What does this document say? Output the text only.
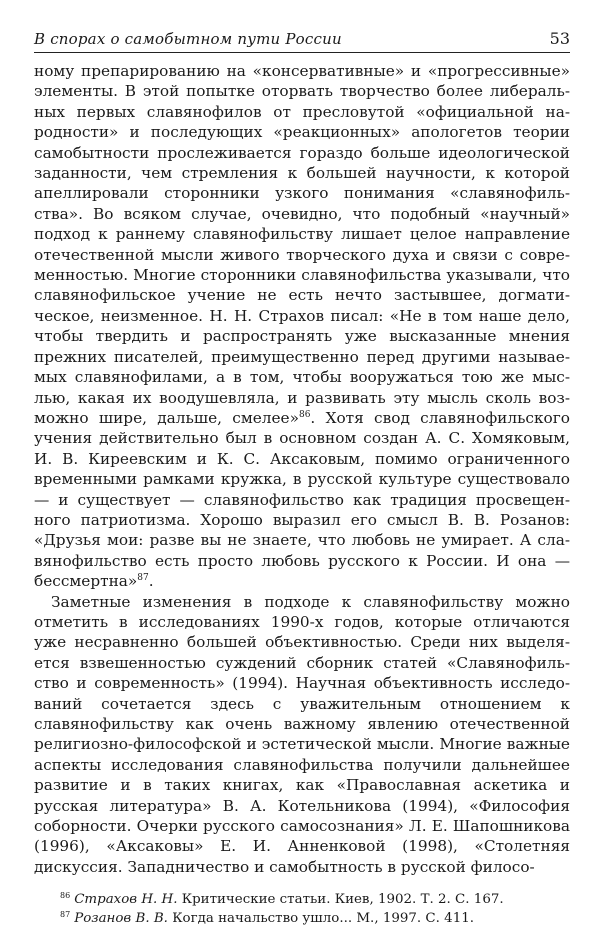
В спорах о самобытном пути России	53

ному препарированию на «консервативные» и «прогрессивные» элементы. В этой попытке оторвать творчество более либеральных первых славянофилов от пресловутой «официальной народности» и последующих «реакционных» апологетов теории самобытности прослеживается гораздо больше идеологической заданности, чем стремления к большей научности, к которой апеллировали сторонники узкого понимания «славянофильства». Во всяком случае, очевидно, что подобный «научный» подход к раннему славянофильству лишает целое направление отечественной мысли живого творческого духа и связи с современностью. Многие сторонники славянофильства указывали, что славянофильское учение не есть нечто застывшее, догматическое, неизменное. Н. Н. Страхов писал: «Не в том наше дело, чтобы твердить и распространять уже высказанные мнения прежних писателей, преимущественно перед другими называемых славянофилами, а в том, чтобы вооружаться тою же мыслью, какая их воодушевляла, и развивать эту мысль сколь возможно шире, дальше, смелее»$^{86}$. Хотя свод славянофильского учения действительно был в основном создан А. С. Хомяковым, И. В. Киреевским и К. С. Аксаковым, помимо ограниченного временными рамками кружка, в русской культуре существовало — и существует — славянофильство как традиция просвещенного патриотизма. Хорошо выразил его смысл В. В. Розанов: «Друзья мои: разве вы не знаете, что любовь не умирает. А славянофильство есть просто любовь русского к России. И она — бессмертна»$^{87}$.

Заметные изменения в подходе к славянофильству можно отметить в исследованиях 1990-х годов, которые отличаются уже несравненно большей объективностью. Среди них выделяется взвешенностью суждений сборник статей «Славянофильство и современность» (1994). Научная объективность исследований сочетается здесь с уважительным отношением к славянофильству как очень важному явлению отечественной религиозно-философской и эстетической мысли. Многие важные аспекты исследования славянофильства получили дальнейшее развитие и в таких книгах, как «Православная аскетика и русская литература» В. А. Котельникова (1994), «Философия соборности. Очерки русского самосознания» Л. Е. Шапошникова (1996), «Аксаковы» Е. И. Анненковой (1998), «Столетняя дискуссия. Западничество и самобытность в русской филосо-

$^{86}$ Страхов Н. Н. Критические статьи. Киев, 1902. Т. 2. С. 167.
$^{87}$ Розанов В. В. Когда начальство ушло... М., 1997. С. 411.
